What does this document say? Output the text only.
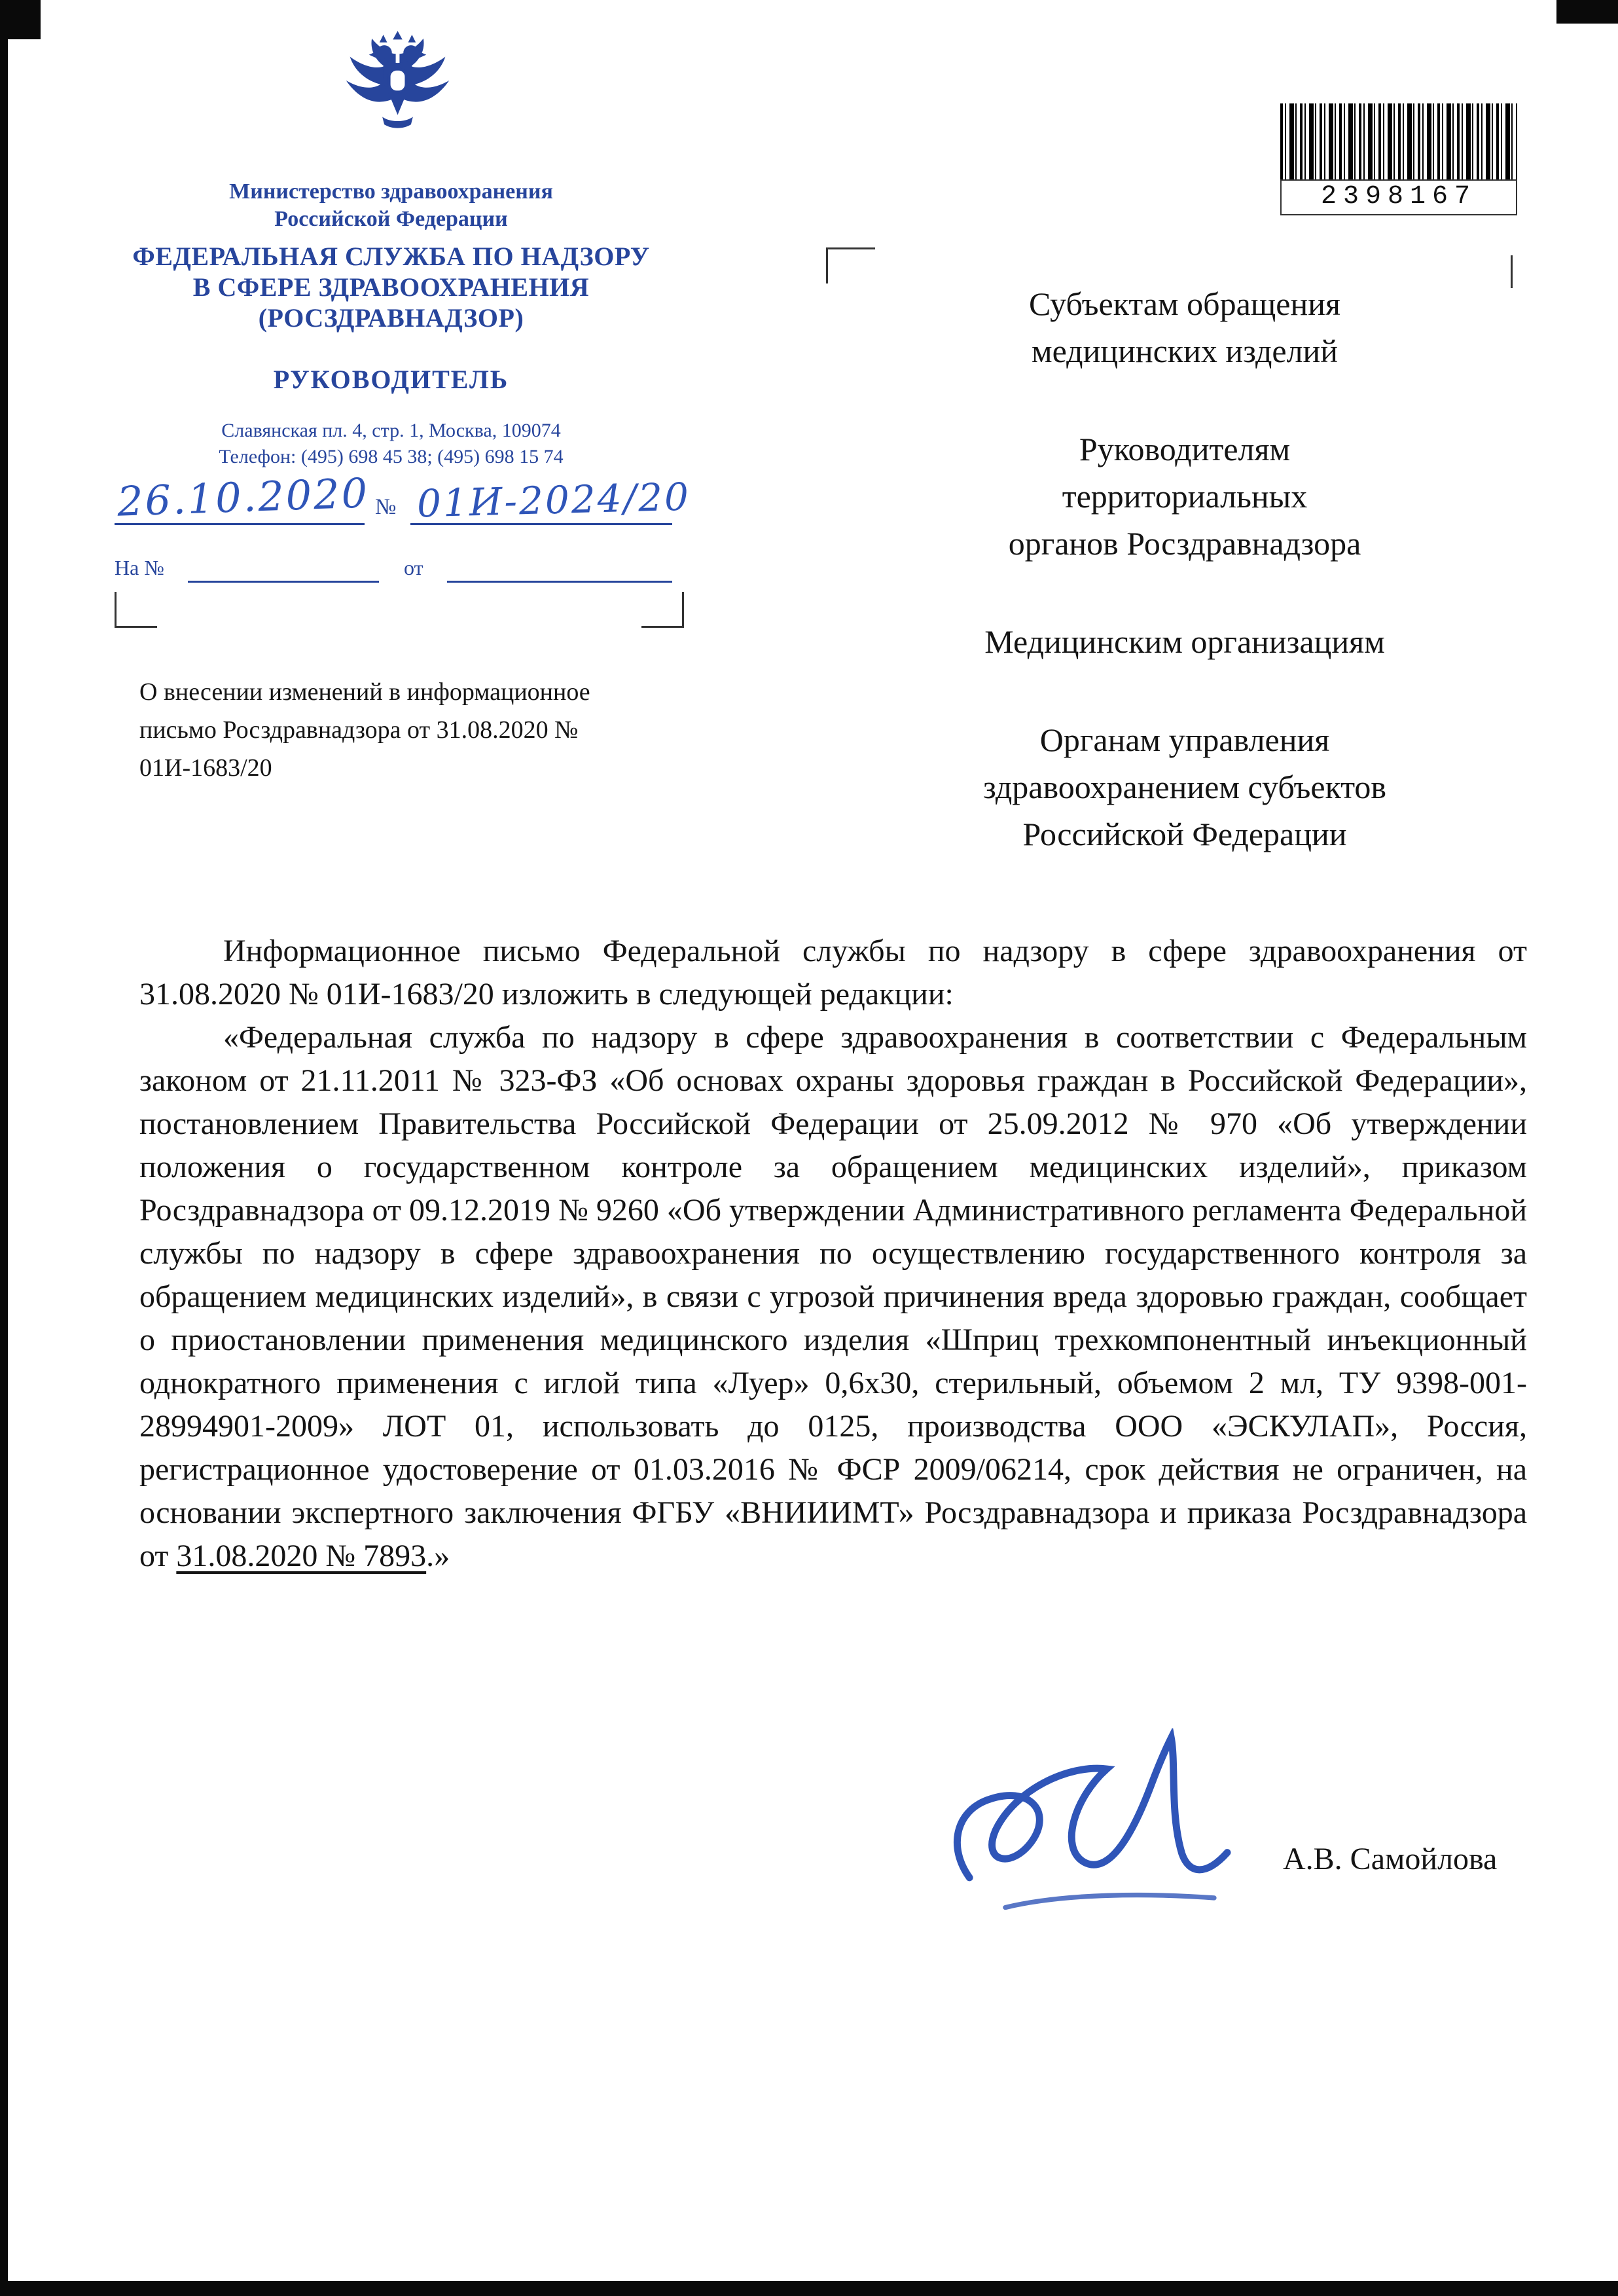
2398167
Министерство здравоохранения
Российской Федерации
ФЕДЕРАЛЬНАЯ СЛУЖБА ПО НАДЗОРУ
В СФЕРЕ ЗДРАВООХРАНЕНИЯ
(РОСЗДРАВНАДЗОР)
РУКОВОДИТЕЛЬ
Славянская пл. 4, стр. 1, Москва, 109074
Телефон: (495) 698 45 38; (495) 698 15 74
26.10.2020 № 01И-2024/20
На №	от
Субъектам обращения
медицинских изделий
Руководителям
территориальных
органов Росздравнадзора
Медицинским организациям
Органам управления
здравоохранением субъектов
Российской Федерации
О внесении изменений в информационное письмо Росздравнадзора от 31.08.2020 № 01И-1683/20

Информационное письмо Федеральной службы по надзору в сфере здравоохранения от 31.08.2020 № 01И-1683/20 изложить в следующей редакции:

«Федеральная служба по надзору в сфере здравоохранения в соответствии с Федеральным законом от 21.11.2011 № 323-ФЗ «Об основах охраны здоровья граждан в Российской Федерации», постановлением Правительства Российской Федерации от 25.09.2012 № 970 «Об утверждении положения о государственном контроле за обращением медицинских изделий», приказом Росздравнадзора от 09.12.2019 № 9260 «Об утверждении Административного регламента Федеральной службы по надзору в сфере здравоохранения по осуществлению государственного контроля за обращением медицинских изделий», в связи с угрозой причинения вреда здоровью граждан, сообщает о приостановлении применения медицинского изделия «Шприц трехкомпонентный инъекционный однократного применения с иглой типа «Луер» 0,6х30, стерильный, объемом 2 мл, ТУ 9398-001-28994901-2009» ЛОТ 01, использовать до 0125, производства ООО «ЭСКУЛАП», Россия, регистрационное удостоверение от 01.03.2016 № ФСР 2009/06214, срок действия не ограничен, на основании экспертного заключения ФГБУ «ВНИИИМТ» Росздравнадзора и приказа Росздравнадзора от 31.08.2020 № 7893.»

А.В. Самойлова
